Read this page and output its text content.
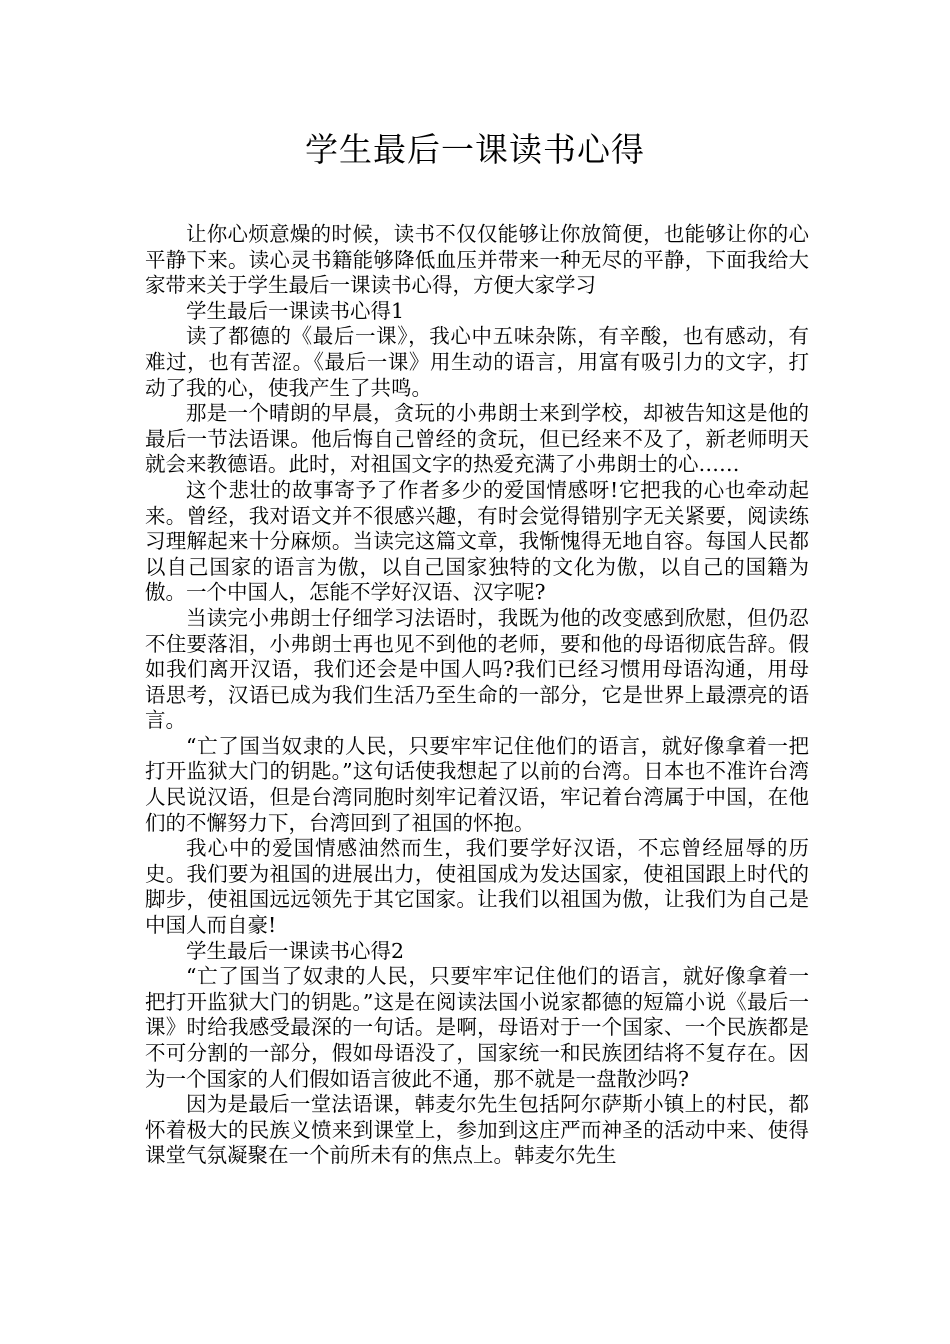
学生最后一课读书心得

让你心烦意燥的时候，读书不仅仅能够让你放简便，也能够让你的心平静下来。读心灵书籍能够降低血压并带来一种无尽的平静，下面我给大家带来关于学生最后一课读书心得，方便大家学习

学生最后一课读书心得1

读了都德的《最后一课》，我心中五味杂陈，有辛酸，也有感动，有难过，也有苦涩。《最后一课》用生动的语言，用富有吸引力的文字，打动了我的心，使我产生了共鸣。

那是一个晴朗的早晨，贪玩的小弗朗士来到学校，却被告知这是他的最后一节法语课。他后悔自己曾经的贪玩，但已经来不及了，新老师明天就会来教德语。此时，对祖国文字的热爱充满了小弗朗士的心……

这个悲壮的故事寄予了作者多少的爱国情感呀!它把我的心也牵动起来。曾经，我对语文并不很感兴趣，有时会觉得错别字无关紧要，阅读练习理解起来十分麻烦。当读完这篇文章，我惭愧得无地自容。每国人民都以自己国家的语言为傲，以自己国家独特的文化为傲，以自己的国籍为傲。一个中国人，怎能不学好汉语、汉字呢?

当读完小弗朗士仔细学习法语时，我既为他的改变感到欣慰，但仍忍不住要落泪，小弗朗士再也见不到他的老师，要和他的母语彻底告辞。假如我们离开汉语，我们还会是中国人吗?我们已经习惯用母语沟通，用母语思考，汉语已成为我们生活乃至生命的一部分，它是世界上最漂亮的语言。

“亡了国当奴隶的人民，只要牢牢记住他们的语言，就好像拿着一把打开监狱大门的钥匙。”这句话使我想起了以前的台湾。日本也不准许台湾人民说汉语，但是台湾同胞时刻牢记着汉语，牢记着台湾属于中国，在他们的不懈努力下，台湾回到了祖国的怀抱。

我心中的爱国情感油然而生，我们要学好汉语，不忘曾经屈辱的历史。我们要为祖国的进展出力，使祖国成为发达国家，使祖国跟上时代的脚步，使祖国远远领先于其它国家。让我们以祖国为傲，让我们为自己是中国人而自豪!

学生最后一课读书心得2

“亡了国当了奴隶的人民，只要牢牢记住他们的语言，就好像拿着一把打开监狱大门的钥匙。”这是在阅读法国小说家都德的短篇小说《最后一课》时给我感受最深的一句话。是啊，母语对于一个国家、一个民族都是不可分割的一部分，假如母语没了，国家统一和民族团结将不复存在。因为一个国家的人们假如语言彼此不通，那不就是一盘散沙吗?

因为是最后一堂法语课，韩麦尔先生包括阿尔萨斯小镇上的村民，都怀着极大的民族义愤来到课堂上，参加到这庄严而神圣的活动中来、使得课堂气氛凝聚在一个前所未有的焦点上。韩麦尔先生
